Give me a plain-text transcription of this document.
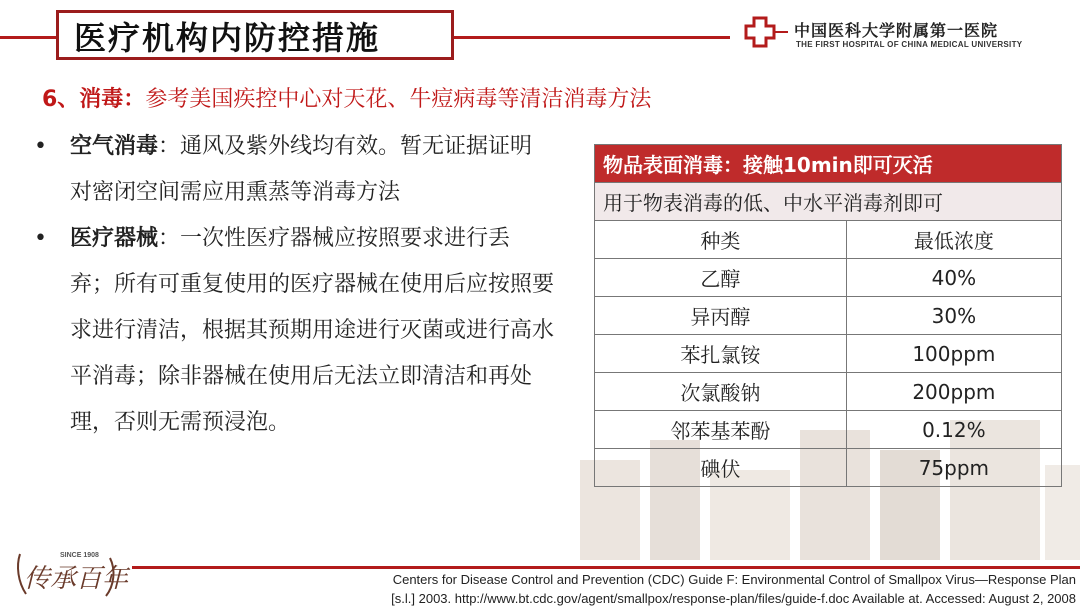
医疗机构内防控措施	中国医科大学附属第一医院
THE FIRST HOSPITAL OF CHINA MEDICAL UNIVERSITY
6、消毒：参考美国疾控中心对天花、牛痘病毒等清洁消毒方法
• 空气消毒：通风及紫外线均有效。暂无证据证明对密闭空间需应用熏蒸等消毒方法
• 医疗器械：一次性医疗器械应按照要求进行丢弃；所有可重复使用的医疗器械在使用后应按照要求进行清洁，根据其预期用途进行灭菌或进行高水平消毒；除非器械在使用后无法立即清洁和再处理，否则无需预浸泡。
物品表面消毒：接触10min即可灭活	
用于物表消毒的低、中水平消毒剂即可	
种类	最低浓度
乙醇	40%
异丙醇	30%
苯扎氯铵	100ppm
次氯酸钠	200ppm
邻苯基苯酚	0.12%
碘伏	75ppm
Centers for Disease Control and Prevention (CDC) Guide F: Environmental Control of Smallpox Virus—Response Plan
[s.l.] 2003. http://www.bt.cdc.gov/agent/smallpox/response-plan/files/guide-f.doc Available at. Accessed: August 2, 2008
SINCE 1908
传承百年
